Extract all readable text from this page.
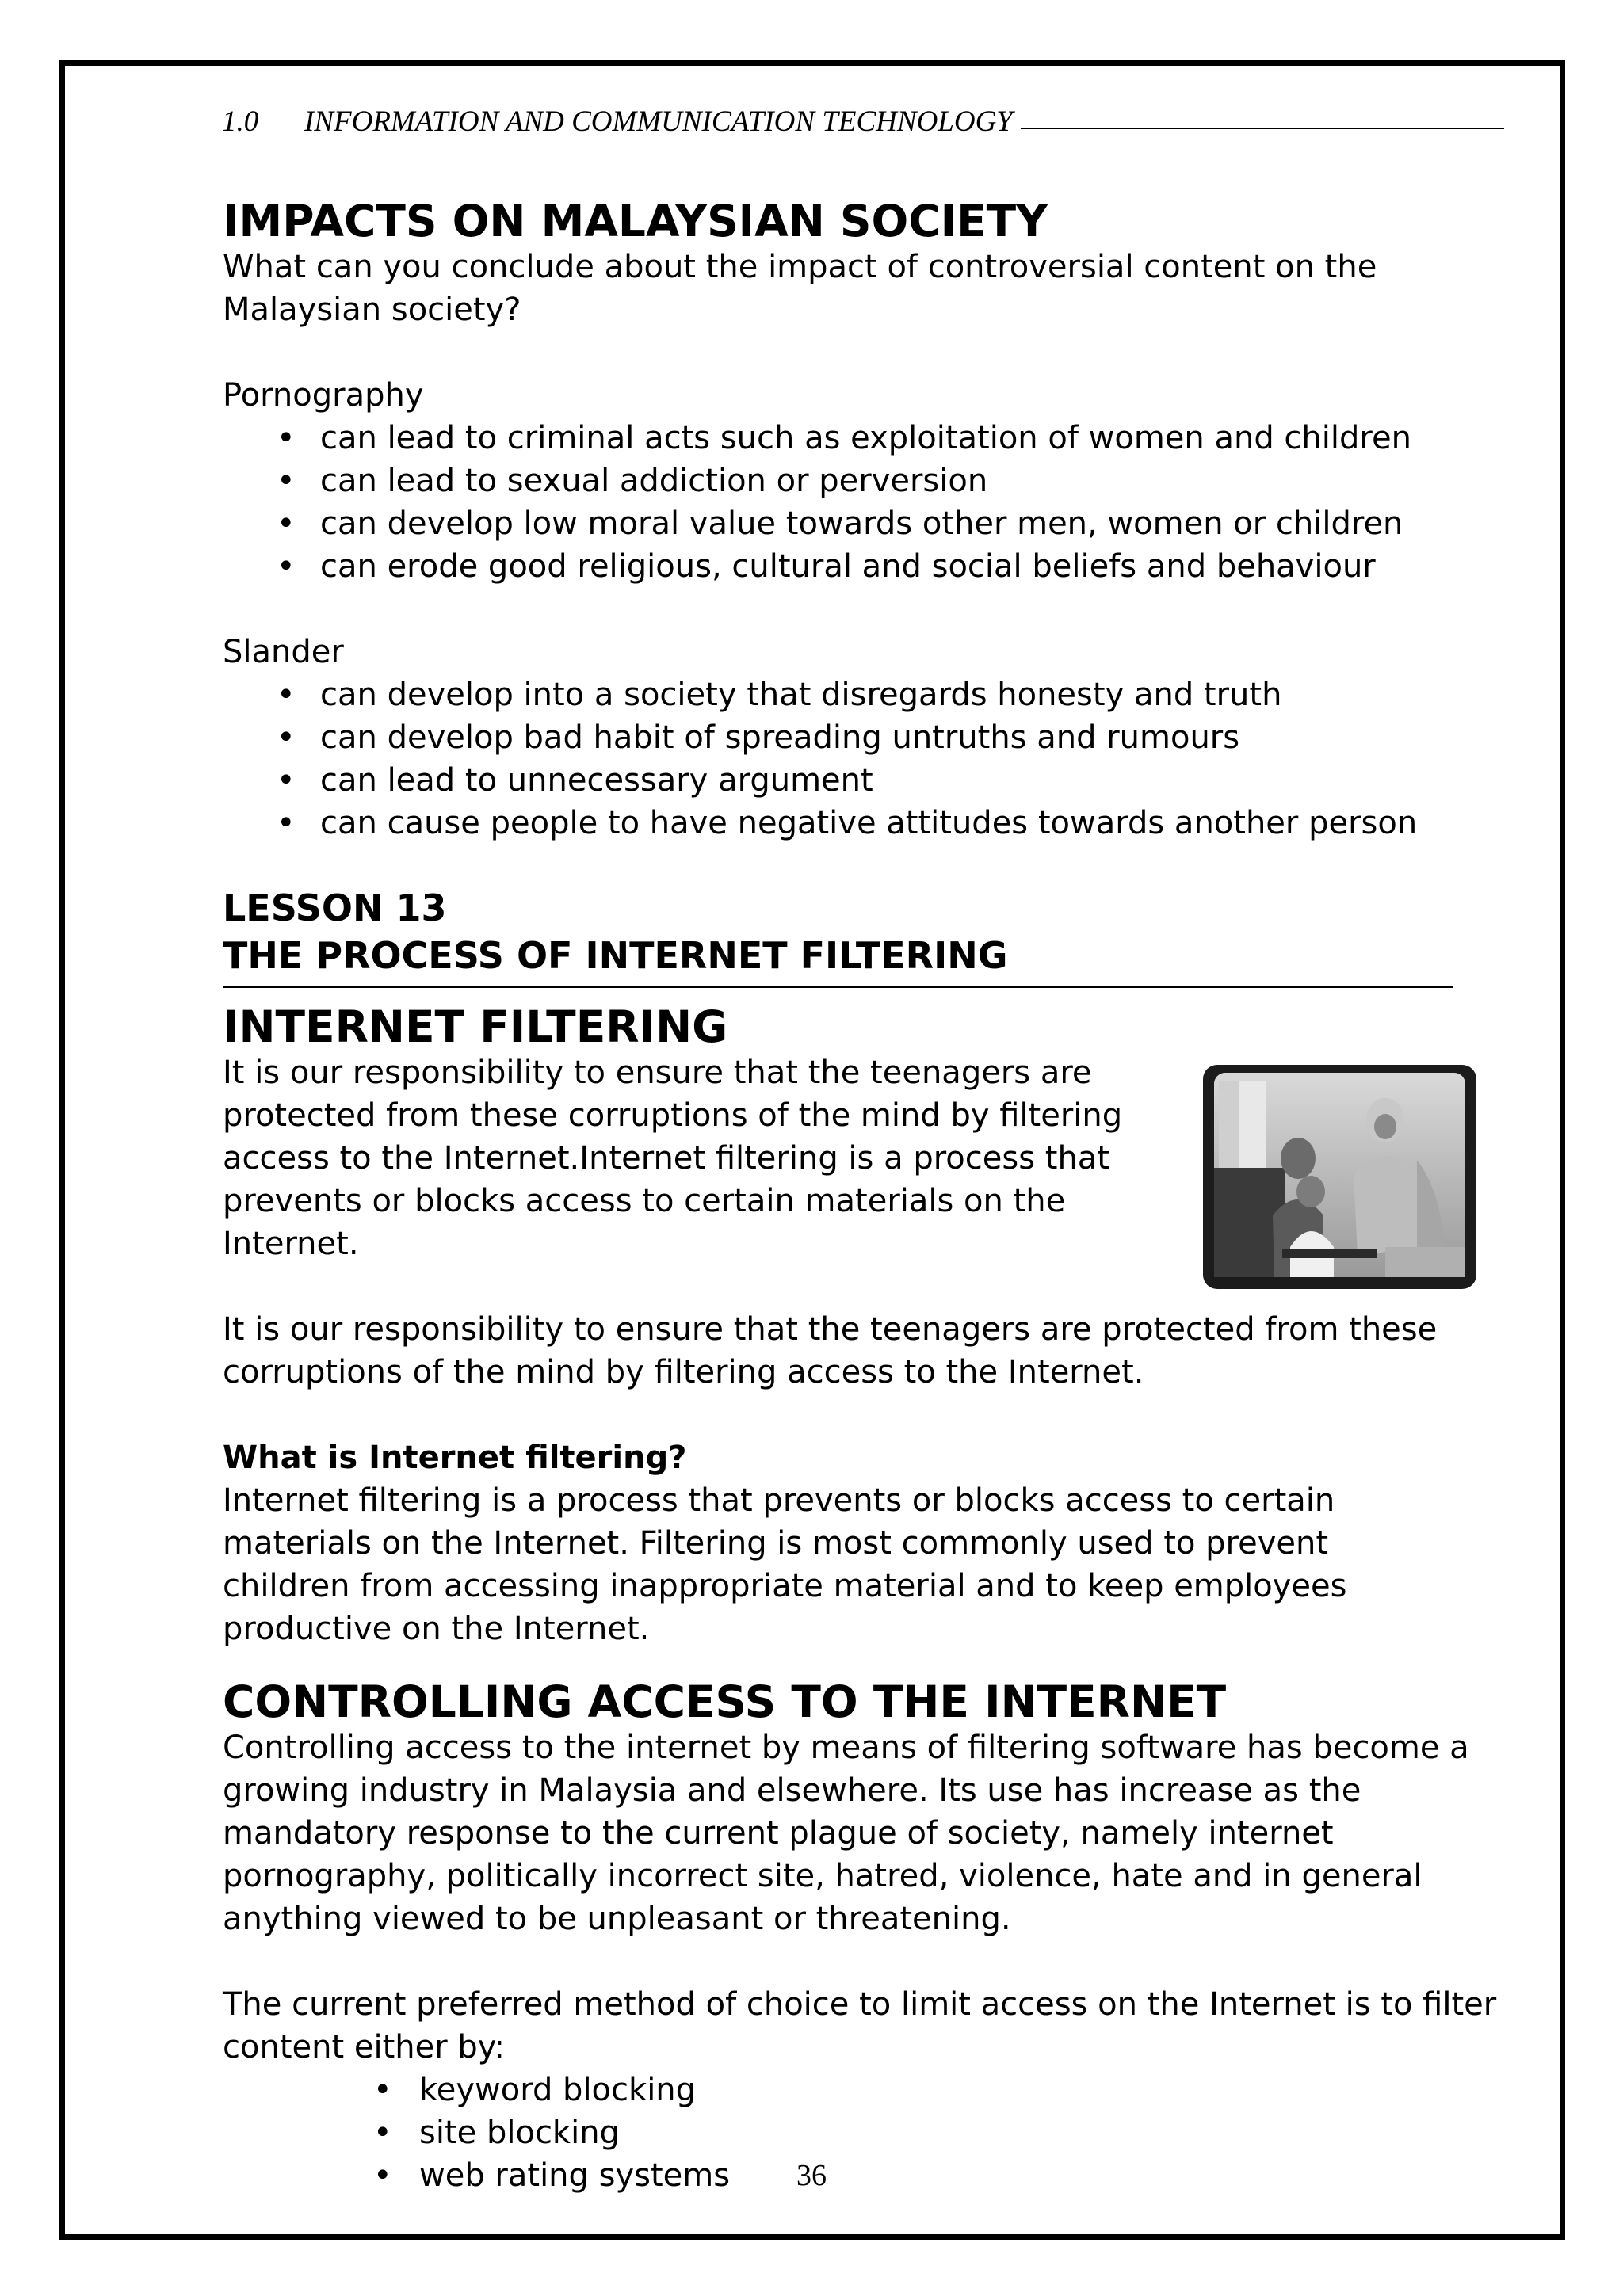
1.0	INFORMATION AND COMMUNICATION TECHNOLOGY

IMPACTS ON MALAYSIAN SOCIETY

What can you conclude about the impact of controversial content on the Malaysian society?

Pornography

• can lead to criminal acts such as exploitation of women and children
• can lead to sexual addiction or perversion
• can develop low moral value towards other men, women or children
• can erode good religious, cultural and social beliefs and behaviour

Slander

• can develop into a society that disregards honesty and truth
• can develop bad habit of spreading untruths and rumours
• can lead to unnecessary argument
• can cause people to have negative attitudes towards another person

LESSON 13

THE PROCESS OF INTERNET FILTERING

INTERNET FILTERING

It is our responsibility to ensure that the teenagers are

protected from these corruptions of the mind by filtering

access to the Internet.Internet filtering is a process that

prevents or blocks access to certain materials on the

Internet.

It is our responsibility to ensure that the teenagers are protected from these corruptions of the mind by filtering access to the Internet.

What is Internet filtering?

Internet filtering is a process that prevents or blocks access to certain materials on the Internet. Filtering is most commonly used to prevent children from accessing inappropriate material and to keep employees productive on the Internet.

CONTROLLING ACCESS TO THE INTERNET

Controlling access to the internet by means of filtering software has become a growing industry in Malaysia and elsewhere. Its use has increase as the mandatory response to the current plague of society, namely internet pornography, politically incorrect site, hatred, violence, hate and in general anything viewed to be unpleasant or threatening.

The current preferred method of choice to limit access on the Internet is to filter content either by:

• keyword blocking
• site blocking
• web rating systems	36
